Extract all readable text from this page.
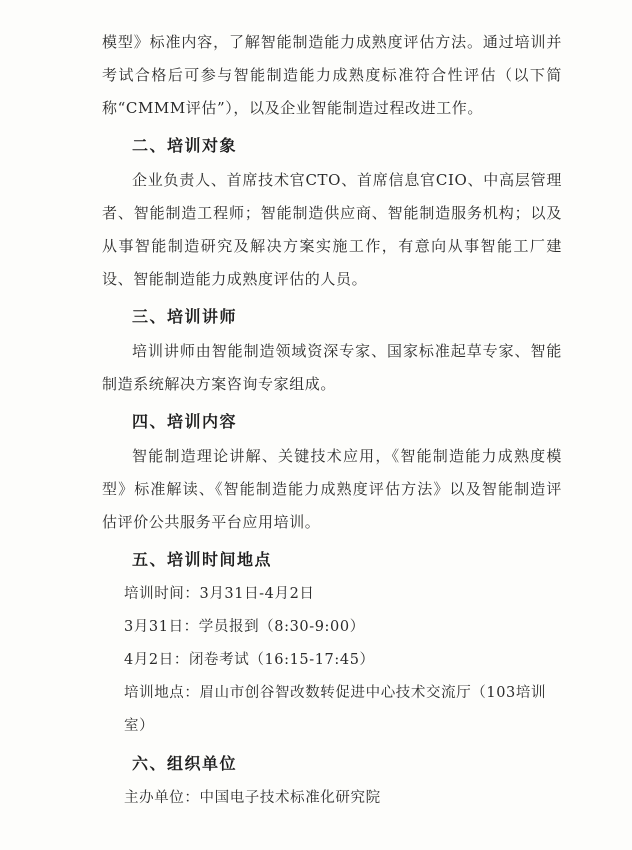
模型》标准内容，了解智能制造能力成熟度评估方法。通过培训并考试合格后可参与智能制造能力成熟度标准符合性评估（以下简称“CMMM评估”），以及企业智能制造过程改进工作。

二、培训对象

企业负责人、首席技术官CTO、首席信息官CIO、中高层管理者、智能制造工程师；智能制造供应商、智能制造服务机构；以及从事智能制造研究及解决方案实施工作，有意向从事智能工厂建设、智能制造能力成熟度评估的人员。

三、培训讲师

培训讲师由智能制造领域资深专家、国家标准起草专家、智能制造系统解决方案咨询专家组成。

四、培训内容

智能制造理论讲解、关键技术应用，《智能制造能力成熟度模型》标准解读、《智能制造能力成熟度评估方法》以及智能制造评估评价公共服务平台应用培训。

五、培训时间地点
培训时间：3月31日-4月2日
3月31日：学员报到（8:30-9:00）
4月2日：闭卷考试（16:15-17:45）
培训地点：眉山市创谷智改数转促进中心技术交流厅（103培训室）
六、组织单位
主办单位：中国电子技术标准化研究院
